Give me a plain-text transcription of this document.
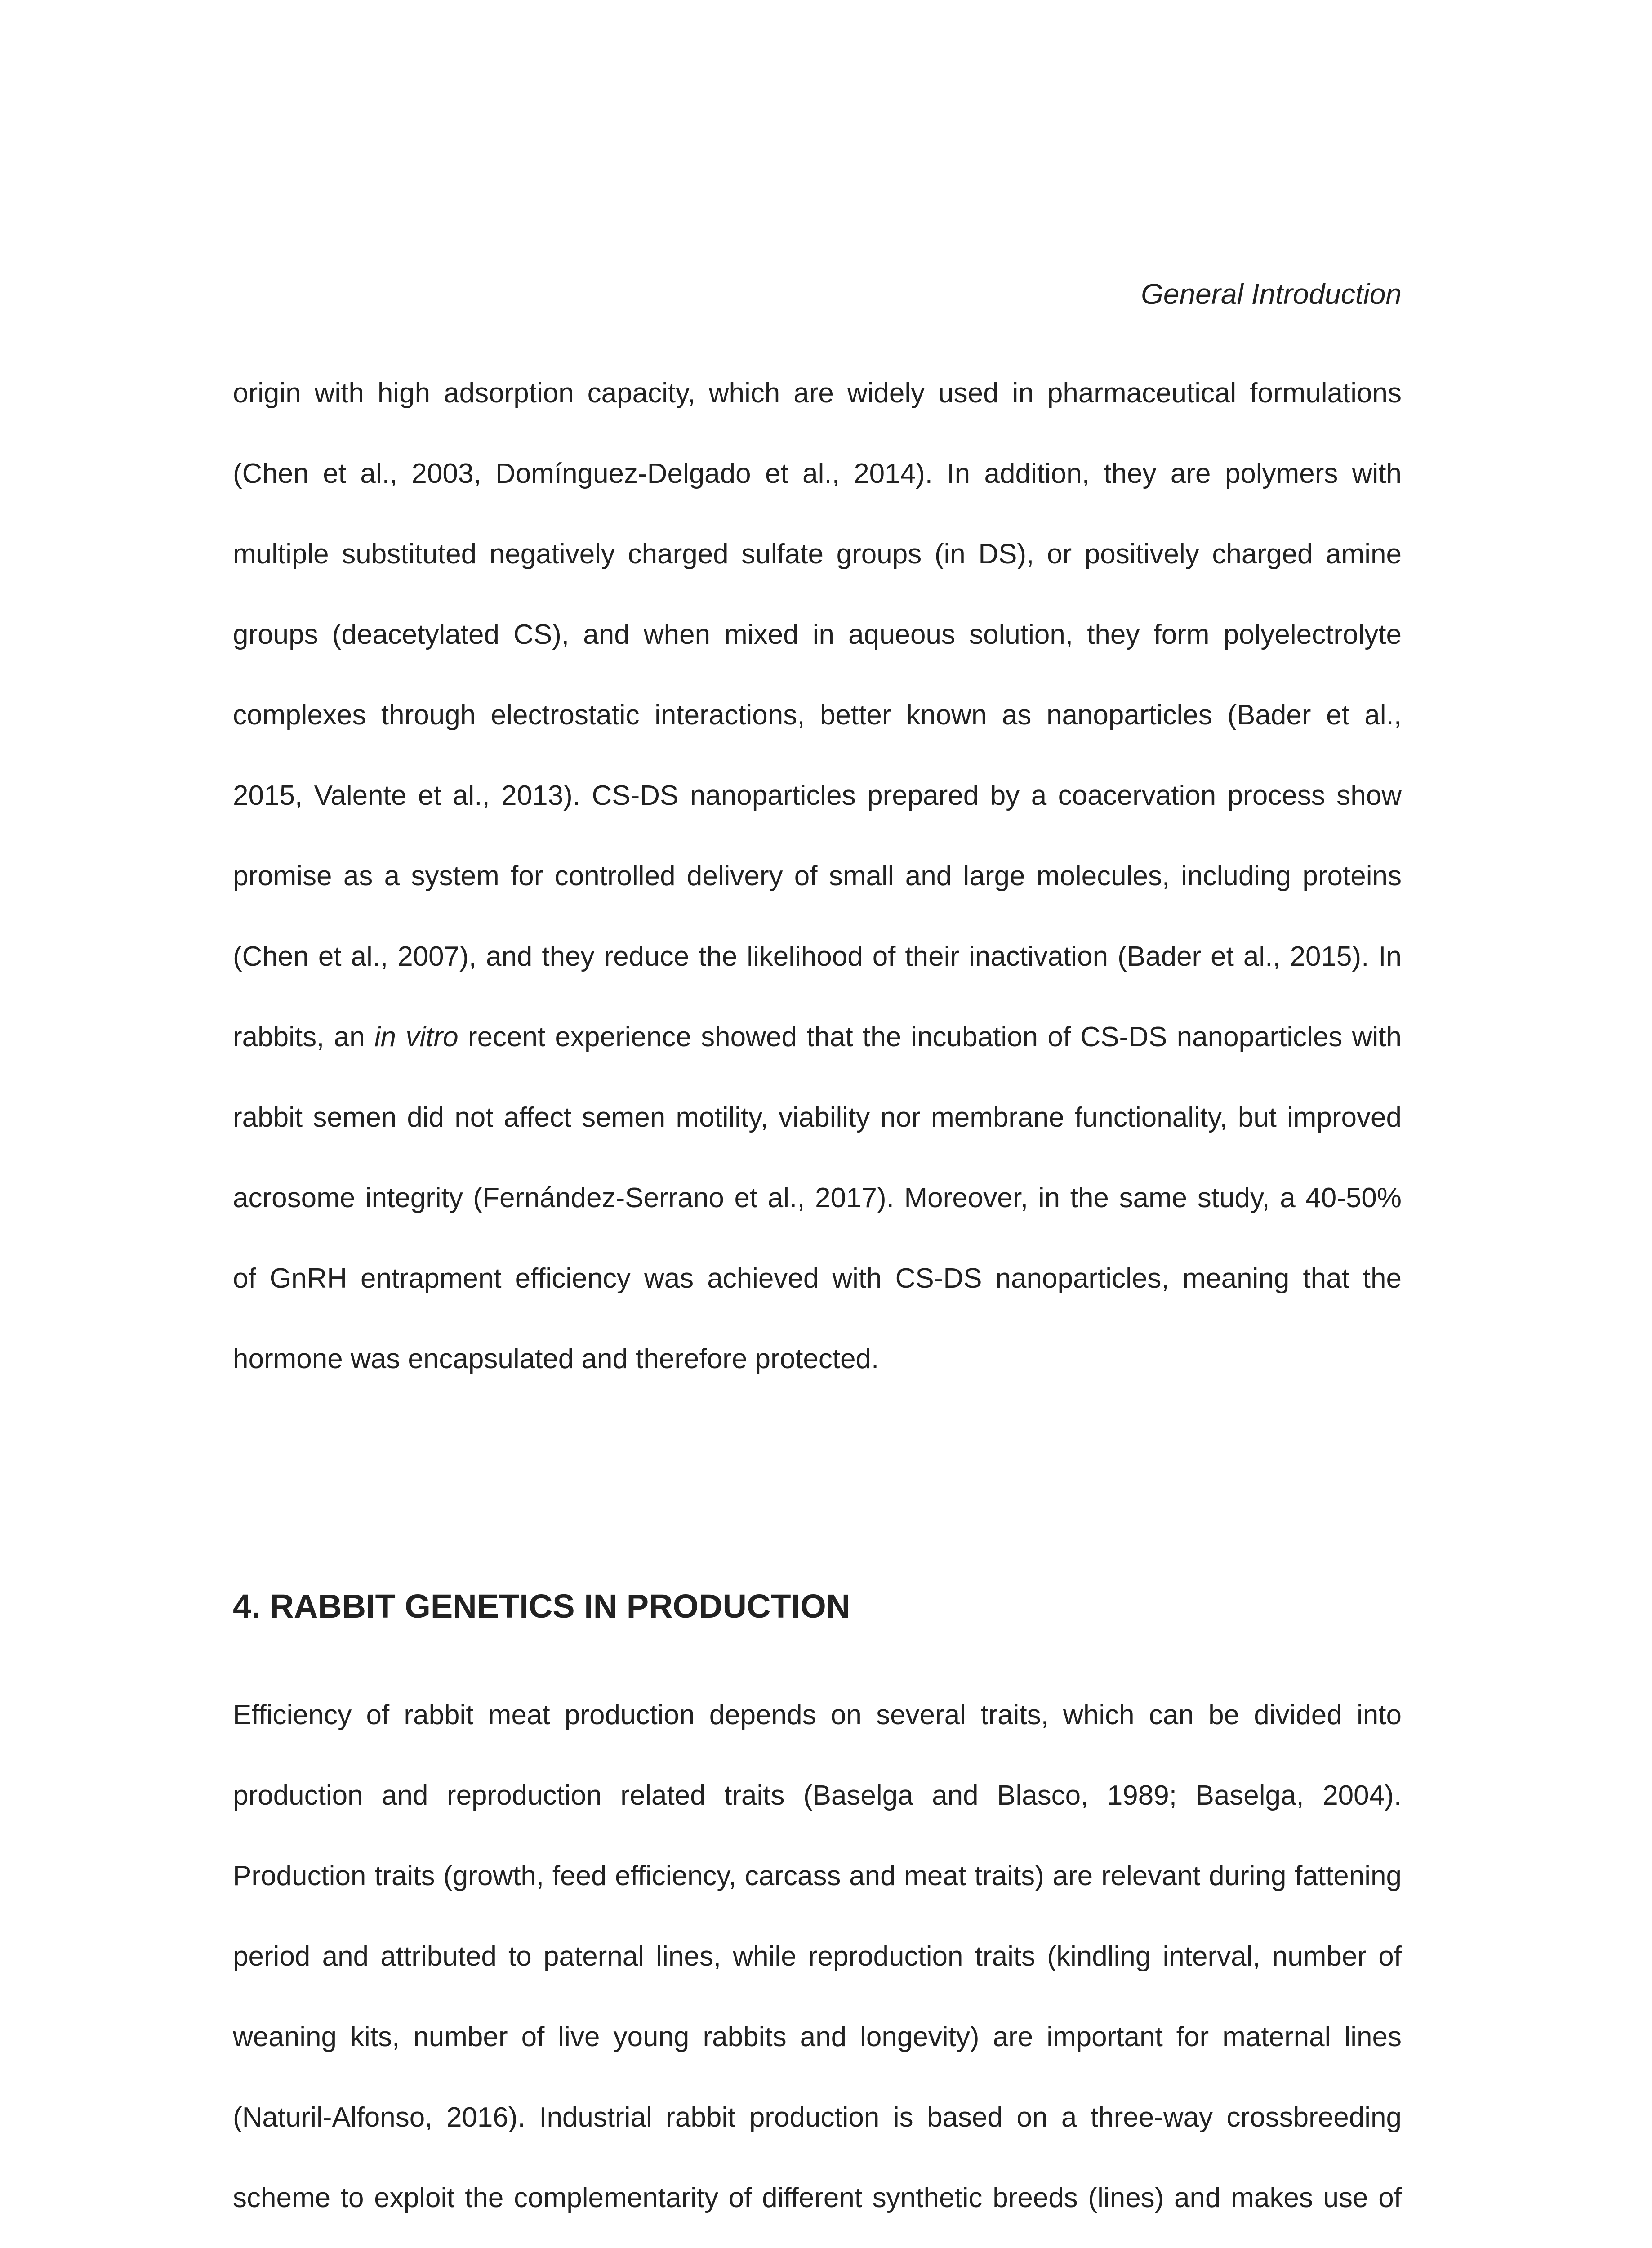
General Introduction

origin with high adsorption capacity, which are widely used in pharmaceutical formulations (Chen et al., 2003, Domínguez-Delgado et al., 2014). In addition, they are polymers with multiple substituted negatively charged sulfate groups (in DS), or positively charged amine groups (deacetylated CS), and when mixed in aqueous solution, they form polyelectrolyte complexes through electrostatic interactions, better known as nanoparticles (Bader et al., 2015, Valente et al., 2013). CS-DS nanoparticles prepared by a coacervation process show promise as a system for controlled delivery of small and large molecules, including proteins (Chen et al., 2007), and they reduce the likelihood of their inactivation (Bader et al., 2015). In rabbits, an in vitro recent experience showed that the incubation of CS-DS nanoparticles with rabbit semen did not affect semen motility, viability nor membrane functionality, but improved acrosome integrity (Fernández-Serrano et al., 2017). Moreover, in the same study, a 40-50% of GnRH entrapment efficiency was achieved with CS-DS nanoparticles, meaning that the hormone was encapsulated and therefore protected.

4. RABBIT GENETICS IN PRODUCTION

Efficiency of rabbit meat production depends on several traits, which can be divided into production and reproduction related traits (Baselga and Blasco, 1989; Baselga, 2004). Production traits (growth, feed efficiency, carcass and meat traits) are relevant during fattening period and attributed to paternal lines, while reproduction traits (kindling interval, number of weaning kits, number of live young rabbits and longevity) are important for maternal lines (Naturil-Alfonso, 2016). Industrial rabbit production is based on a three-way crossbreeding scheme to exploit the complementarity of different synthetic breeds (lines) and makes use of
